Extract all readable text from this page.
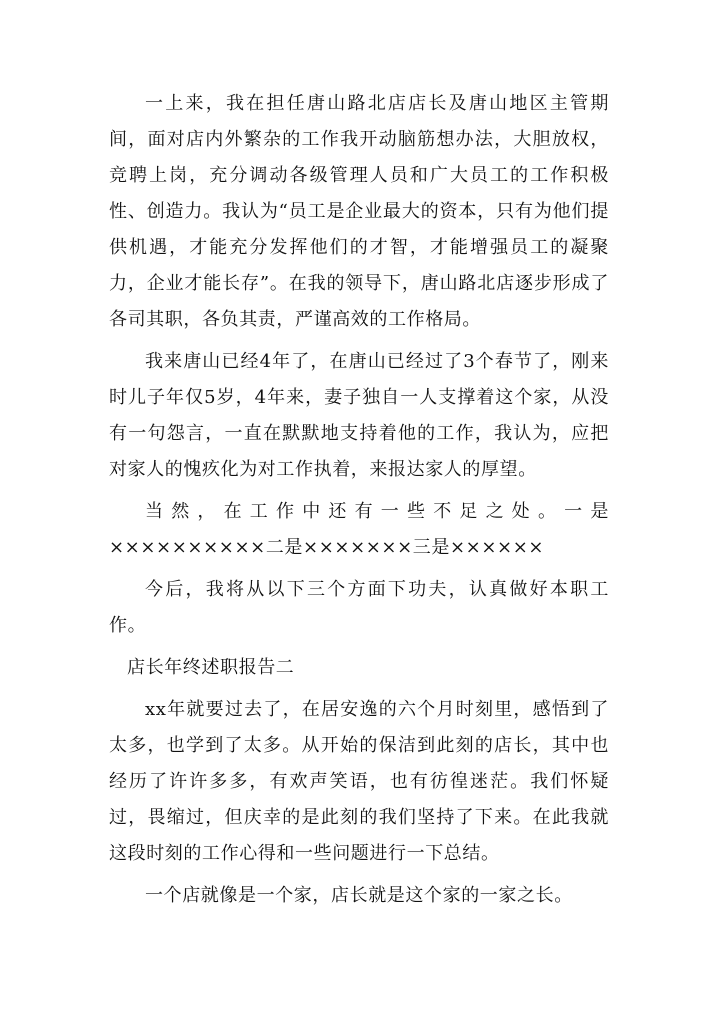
一上来，我在担任唐山路北店店长及唐山地区主管期间，面对店内外繁杂的工作我开动脑筋想办法，大胆放权，竞聘上岗，充分调动各级管理人员和广大员工的工作积极性、创造力。我认为“员工是企业最大的资本，只有为他们提供机遇，才能充分发挥他们的才智，才能增强员工的凝聚力，企业才能长存”。在我的领导下，唐山路北店逐步形成了各司其职，各负其责，严谨高效的工作格局。

我来唐山已经4年了，在唐山已经过了3个春节了，刚来时儿子年仅5岁，4年来，妻子独自一人支撑着这个家，从没有一句怨言，一直在默默地支持着他的工作，我认为，应把对家人的愧疚化为对工作执着，来报达家人的厚望。

当然，在工作中还有一些不足之处。一是××××××××××二是×××××××三是××××××

今后，我将从以下三个方面下功夫，认真做好本职工作。

店长年终述职报告二

xx年就要过去了，在居安逸的六个月时刻里，感悟到了太多，也学到了太多。从开始的保洁到此刻的店长，其中也经历了许许多多，有欢声笑语，也有彷徨迷茫。我们怀疑过，畏缩过，但庆幸的是此刻的我们坚持了下来。在此我就这段时刻的工作心得和一些问题进行一下总结。

一个店就像是一个家，店长就是这个家的一家之长。
